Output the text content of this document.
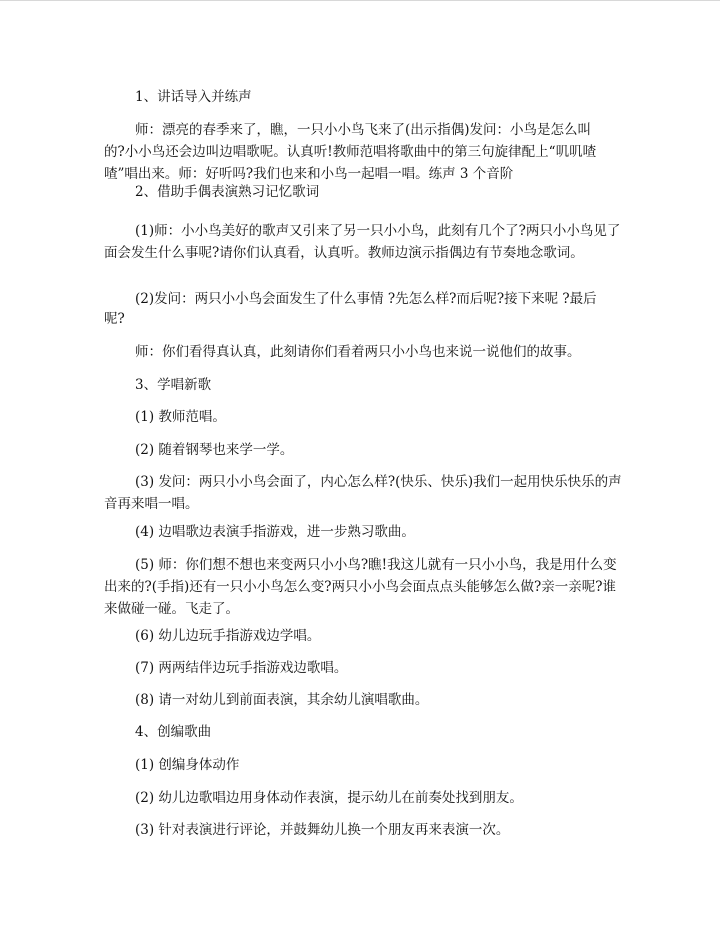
1、讲话导入并练声
师：漂亮的春季来了，瞧，一只小小鸟飞来了(出示指偶)发问：小鸟是怎么叫
的?小小鸟还会边叫边唱歌呢。认真听!教师范唱将歌曲中的第三句旋律配上“叽叽喳
喳”唱出来。师：好听吗?我们也来和小鸟一起唱一唱。练声 3 个音阶
2、借助手偶表演熟习记忆歌词
(1)师：小小鸟美好的歌声又引来了另一只小小鸟，此刻有几个了?两只小小鸟见了
面会发生什么事呢?请你们认真看，认真听。教师边演示指偶边有节奏地念歌词。
(2)发问：两只小小鸟会面发生了什么事情 ?先怎么样?而后呢?接下来呢 ?最后
呢?
师：你们看得真认真，此刻请你们看着两只小小鸟也来说一说他们的故事。
3、学唱新歌
(1) 教师范唱。
(2) 随着钢琴也来学一学。
(3) 发问：两只小小鸟会面了，内心怎么样?(快乐、快乐)我们一起用快乐快乐的声
音再来唱一唱。
(4) 边唱歌边表演手指游戏，进一步熟习歌曲。
(5) 师：你们想不想也来变两只小小鸟?瞧!我这儿就有一只小小鸟，我是用什么变
出来的?(手指)还有一只小小鸟怎么变?两只小小鸟会面点点头能够怎么做?亲一亲呢?谁
来做碰一碰。飞走了。
(6) 幼儿边玩手指游戏边学唱。
(7) 两两结伴边玩手指游戏边歌唱。
(8) 请一对幼儿到前面表演，其余幼儿演唱歌曲。
4、创编歌曲
(1) 创编身体动作
(2) 幼儿边歌唱边用身体动作表演，提示幼儿在前奏处找到朋友。
(3) 针对表演进行评论，并鼓舞幼儿换一个朋友再来表演一次。
